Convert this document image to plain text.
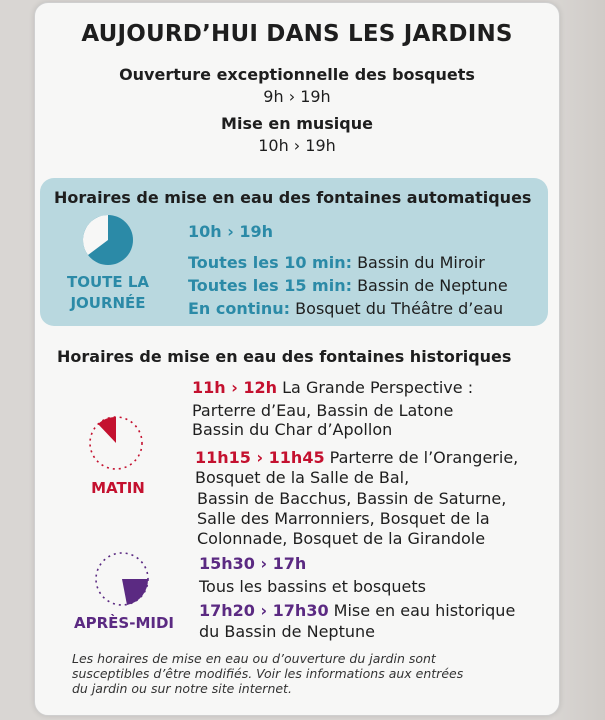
AUJOURD’HUI DANS LES JARDINS
Ouverture exceptionnelle des bosquets
9h › 19h
Mise en musique
10h › 19h
Horaires de mise en eau des fontaines automatiques
TOUTE LA
JOURNÉE
10h › 19h
Toutes les 10 min: Bassin du Miroir
Toutes les 15 min: Bassin de Neptune
En continu: Bosquet du Théâtre d’eau
Horaires de mise en eau des fontaines historiques
MATIN
11h › 12h La Grande Perspective :
Parterre d’Eau, Bassin de Latone
Bassin du Char d’Apollon
11h15 › 11h45 Parterre de l’Orangerie,
Bosquet de la Salle de Bal,
Bassin de Bacchus, Bassin de Saturne,
Salle des Marronniers, Bosquet de la
Colonnade, Bosquet de la Girandole
APRÈS-MIDI
15h30 › 17h
Tous les bassins et bosquets
17h20 › 17h30 Mise en eau historique
du Bassin de Neptune
Les horaires de mise en eau ou d’ouverture du jardin sont
susceptibles d’être modifiés. Voir les informations aux entrées
du jardin ou sur notre site internet.
